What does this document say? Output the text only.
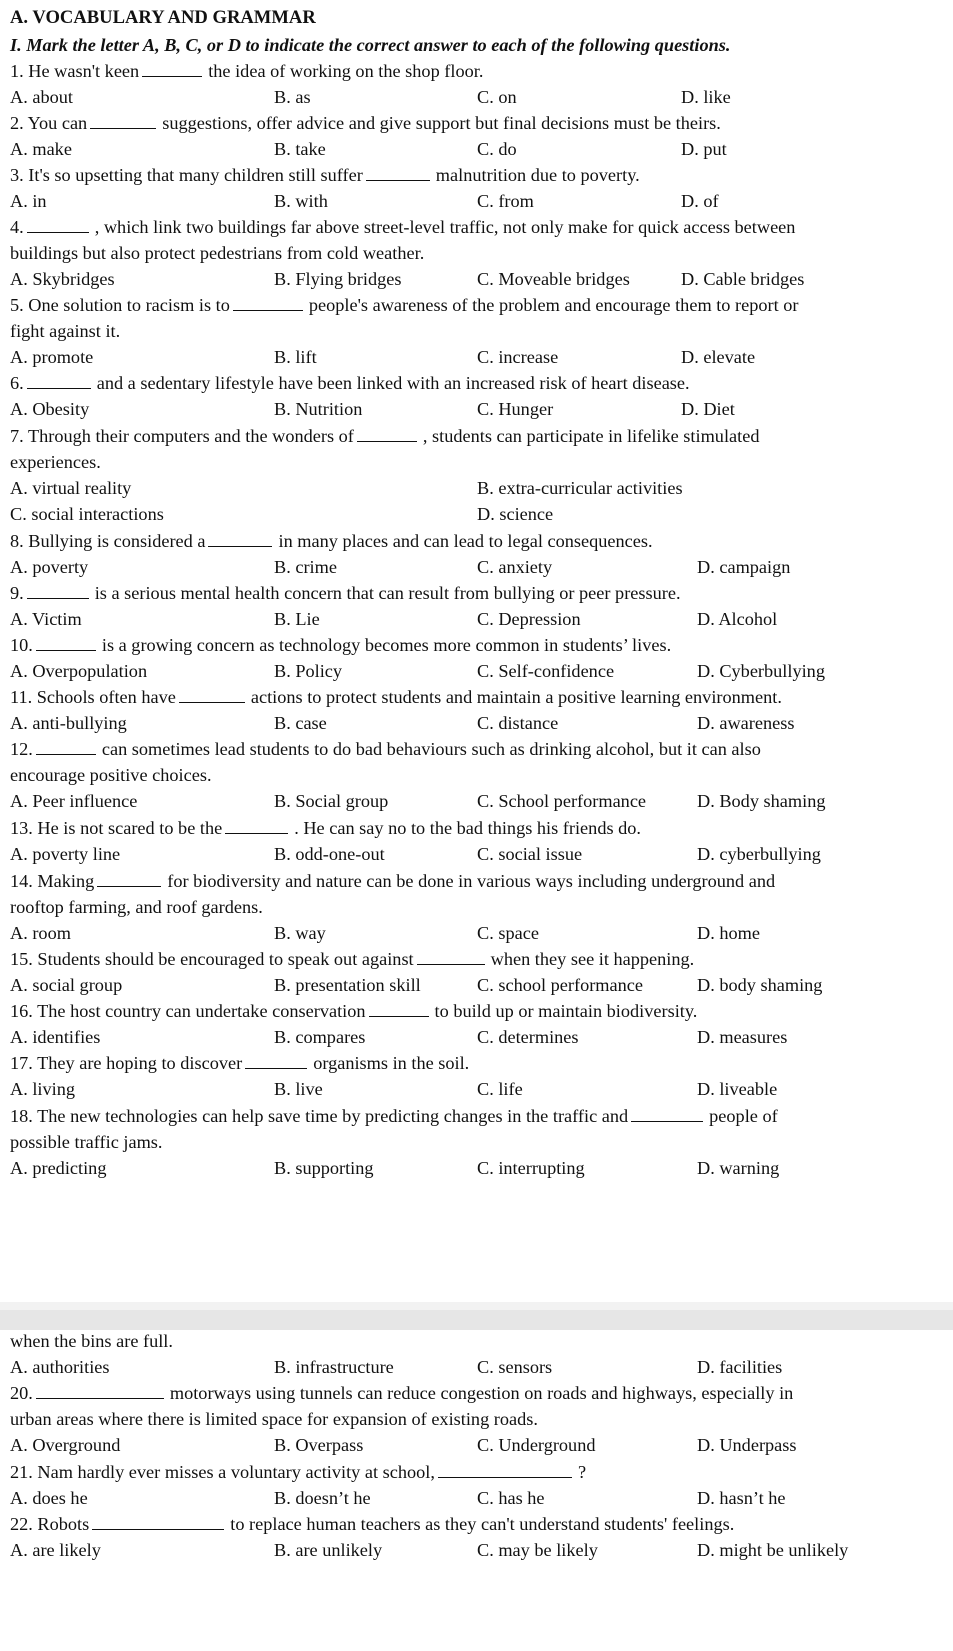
A. VOCABULARY AND GRAMMAR
I. Mark the letter A, B, C, or D to indicate the correct answer to each of the following questions.
1. He wasn't keen	the idea of working on the shop floor.
A. about	B. as	C. on	D. like
2. You can	suggestions, offer advice and give support but final decisions must be theirs.
A. make	B. take	C. do	D. put
3. It's so upsetting that many children still suffer	malnutrition due to poverty.
A. in	B. with	C. from	D. of
4.	, which link two buildings far above street-level traffic, not only make for quick access between
buildings but also protect pedestrians from cold weather.
A. Skybridges	B. Flying bridges	C. Moveable bridges	D. Cable bridges
5. One solution to racism is to	people's awareness of the problem and encourage them to report or
fight against it.
A. promote	B. lift	C. increase	D. elevate
6.	and a sedentary lifestyle have been linked with an increased risk of heart disease.
A. Obesity	B. Nutrition	C. Hunger	D. Diet
7. Through their computers and the wonders of	, students can participate in lifelike stimulated
experiences.
A. virtual reality	B. extra-curricular activities
C. social interactions	D. science
8. Bullying is considered a	in many places and can lead to legal consequences.
A. poverty	B. crime	C. anxiety	D. campaign
9.	is a serious mental health concern that can result from bullying or peer pressure.
A. Victim	B. Lie	C. Depression	D. Alcohol
10.	is a growing concern as technology becomes more common in students’ lives.
A. Overpopulation	B. Policy	C. Self-confidence	D. Cyberbullying
11. Schools often have	actions to protect students and maintain a positive learning environment.
A. anti-bullying	B. case	C. distance	D. awareness
12.	can sometimes lead students to do bad behaviours such as drinking alcohol, but it can also
encourage positive choices.
A. Peer influence	B. Social group	C. School performance	D. Body shaming
13. He is not scared to be the	. He can say no to the bad things his friends do.
A. poverty line	B. odd-one-out	C. social issue	D. cyberbullying
14. Making	for biodiversity and nature can be done in various ways including underground and
rooftop farming, and roof gardens.
A. room	B. way	C. space	D. home
15. Students should be encouraged to speak out against	when they see it happening.
A. social group	B. presentation skill	C. school performance	D. body shaming
16. The host country can undertake conservation	to build up or maintain biodiversity.
A. identifies	B. compares	C. determines	D. measures
17. They are hoping to discover	organisms in the soil.
A. living	B. live	C. life	D. liveable
18. The new technologies can help save time by predicting changes in the traffic and	people of
possible traffic jams.
A. predicting	B. supporting	C. interrupting	D. warning
when the bins are full.
A. authorities	B. infrastructure	C. sensors	D. facilities
20.	motorways using tunnels can reduce congestion on roads and highways, especially in
urban areas where there is limited space for expansion of existing roads.
A. Overground	B. Overpass	C. Underground	D. Underpass
21. Nam hardly ever misses a voluntary activity at school,	?
A. does he	B. doesn’t he	C. has he	D. hasn’t he
22. Robots	to replace human teachers as they can't understand students' feelings.
A. are likely	B. are unlikely	C. may be likely	D. might be unlikely
